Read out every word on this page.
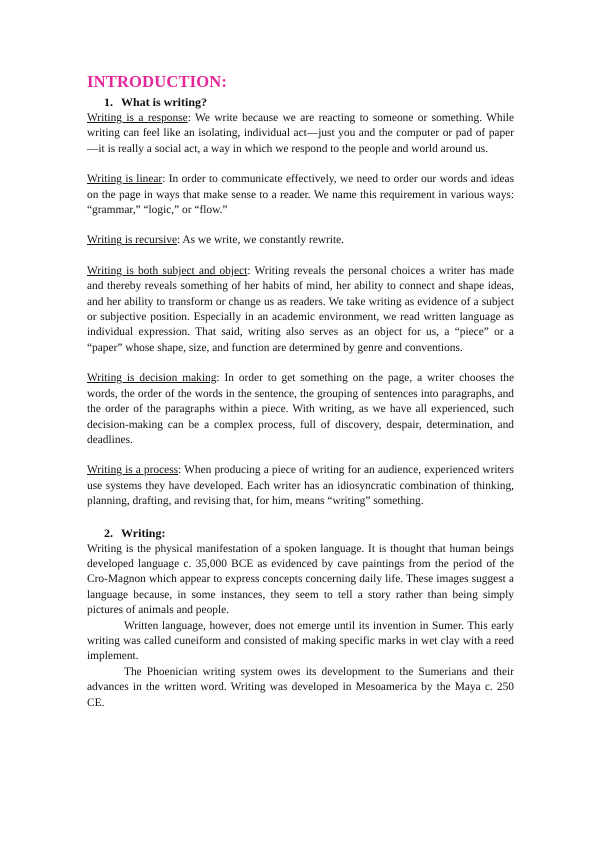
INTRODUCTION:
1. What is writing?

Writing is a response: We write because we are reacting to someone or something. While writing can feel like an isolating, individual act—just you and the computer or pad of paper—it is really a social act, a way in which we respond to the people and world around us.

Writing is linear: In order to communicate effectively, we need to order our words and ideas on the page in ways that make sense to a reader. We name this requirement in various ways: “grammar,” “logic,” or “flow.”

Writing is recursive: As we write, we constantly rewrite.

Writing is both subject and object: Writing reveals the personal choices a writer has made and thereby reveals something of her habits of mind, her ability to connect and shape ideas, and her ability to transform or change us as readers. We take writing as evidence of a subject or subjective position. Especially in an academic environment, we read written language as individual expression. That said, writing also serves as an object for us, a “piece” or a “paper” whose shape, size, and function are determined by genre and conventions.

Writing is decision making: In order to get something on the page, a writer chooses the words, the order of the words in the sentence, the grouping of sentences into paragraphs, and the order of the paragraphs within a piece. With writing, as we have all experienced, such decision-making can be a complex process, full of discovery, despair, determination, and deadlines.

Writing is a process: When producing a piece of writing for an audience, experienced writers use systems they have developed. Each writer has an idiosyncratic combination of thinking, planning, drafting, and revising that, for him, means “writing” something.

2. Writing:

Writing is the physical manifestation of a spoken language. It is thought that human beings developed language c. 35,000 BCE as evidenced by cave paintings from the period of the Cro-Magnon which appear to express concepts concerning daily life. These images suggest a language because, in some instances, they seem to tell a story rather than being simply pictures of animals and people.

Written language, however, does not emerge until its invention in Sumer. This early writing was called cuneiform and consisted of making specific marks in wet clay with a reed implement.

The Phoenician writing system owes its development to the Sumerians and their advances in the written word. Writing was developed in Mesoamerica by the Maya c. 250 CE.
